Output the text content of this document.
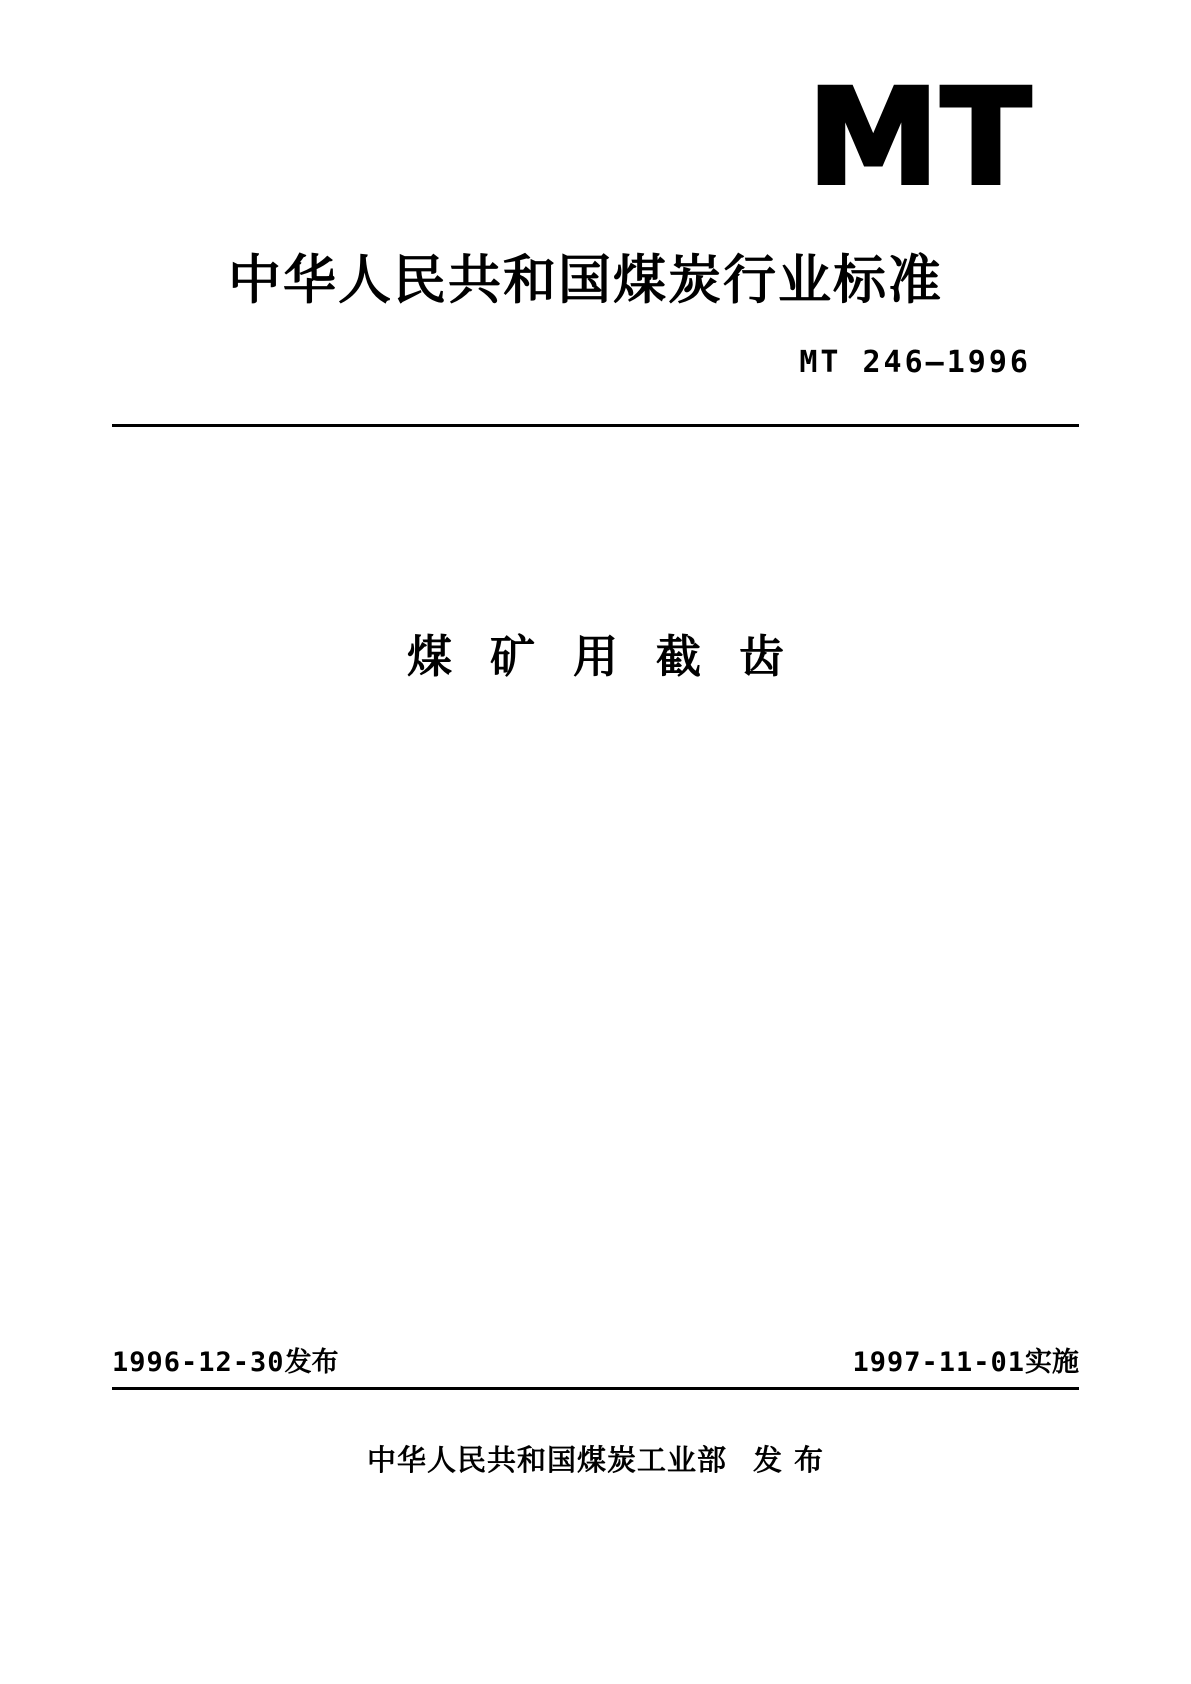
MT
中华人民共和国煤炭行业标准
MT 246—1996
煤矿用截齿
1996-12-30发布	1997-11-01实施
中华人民共和国煤炭工业部 发 布
